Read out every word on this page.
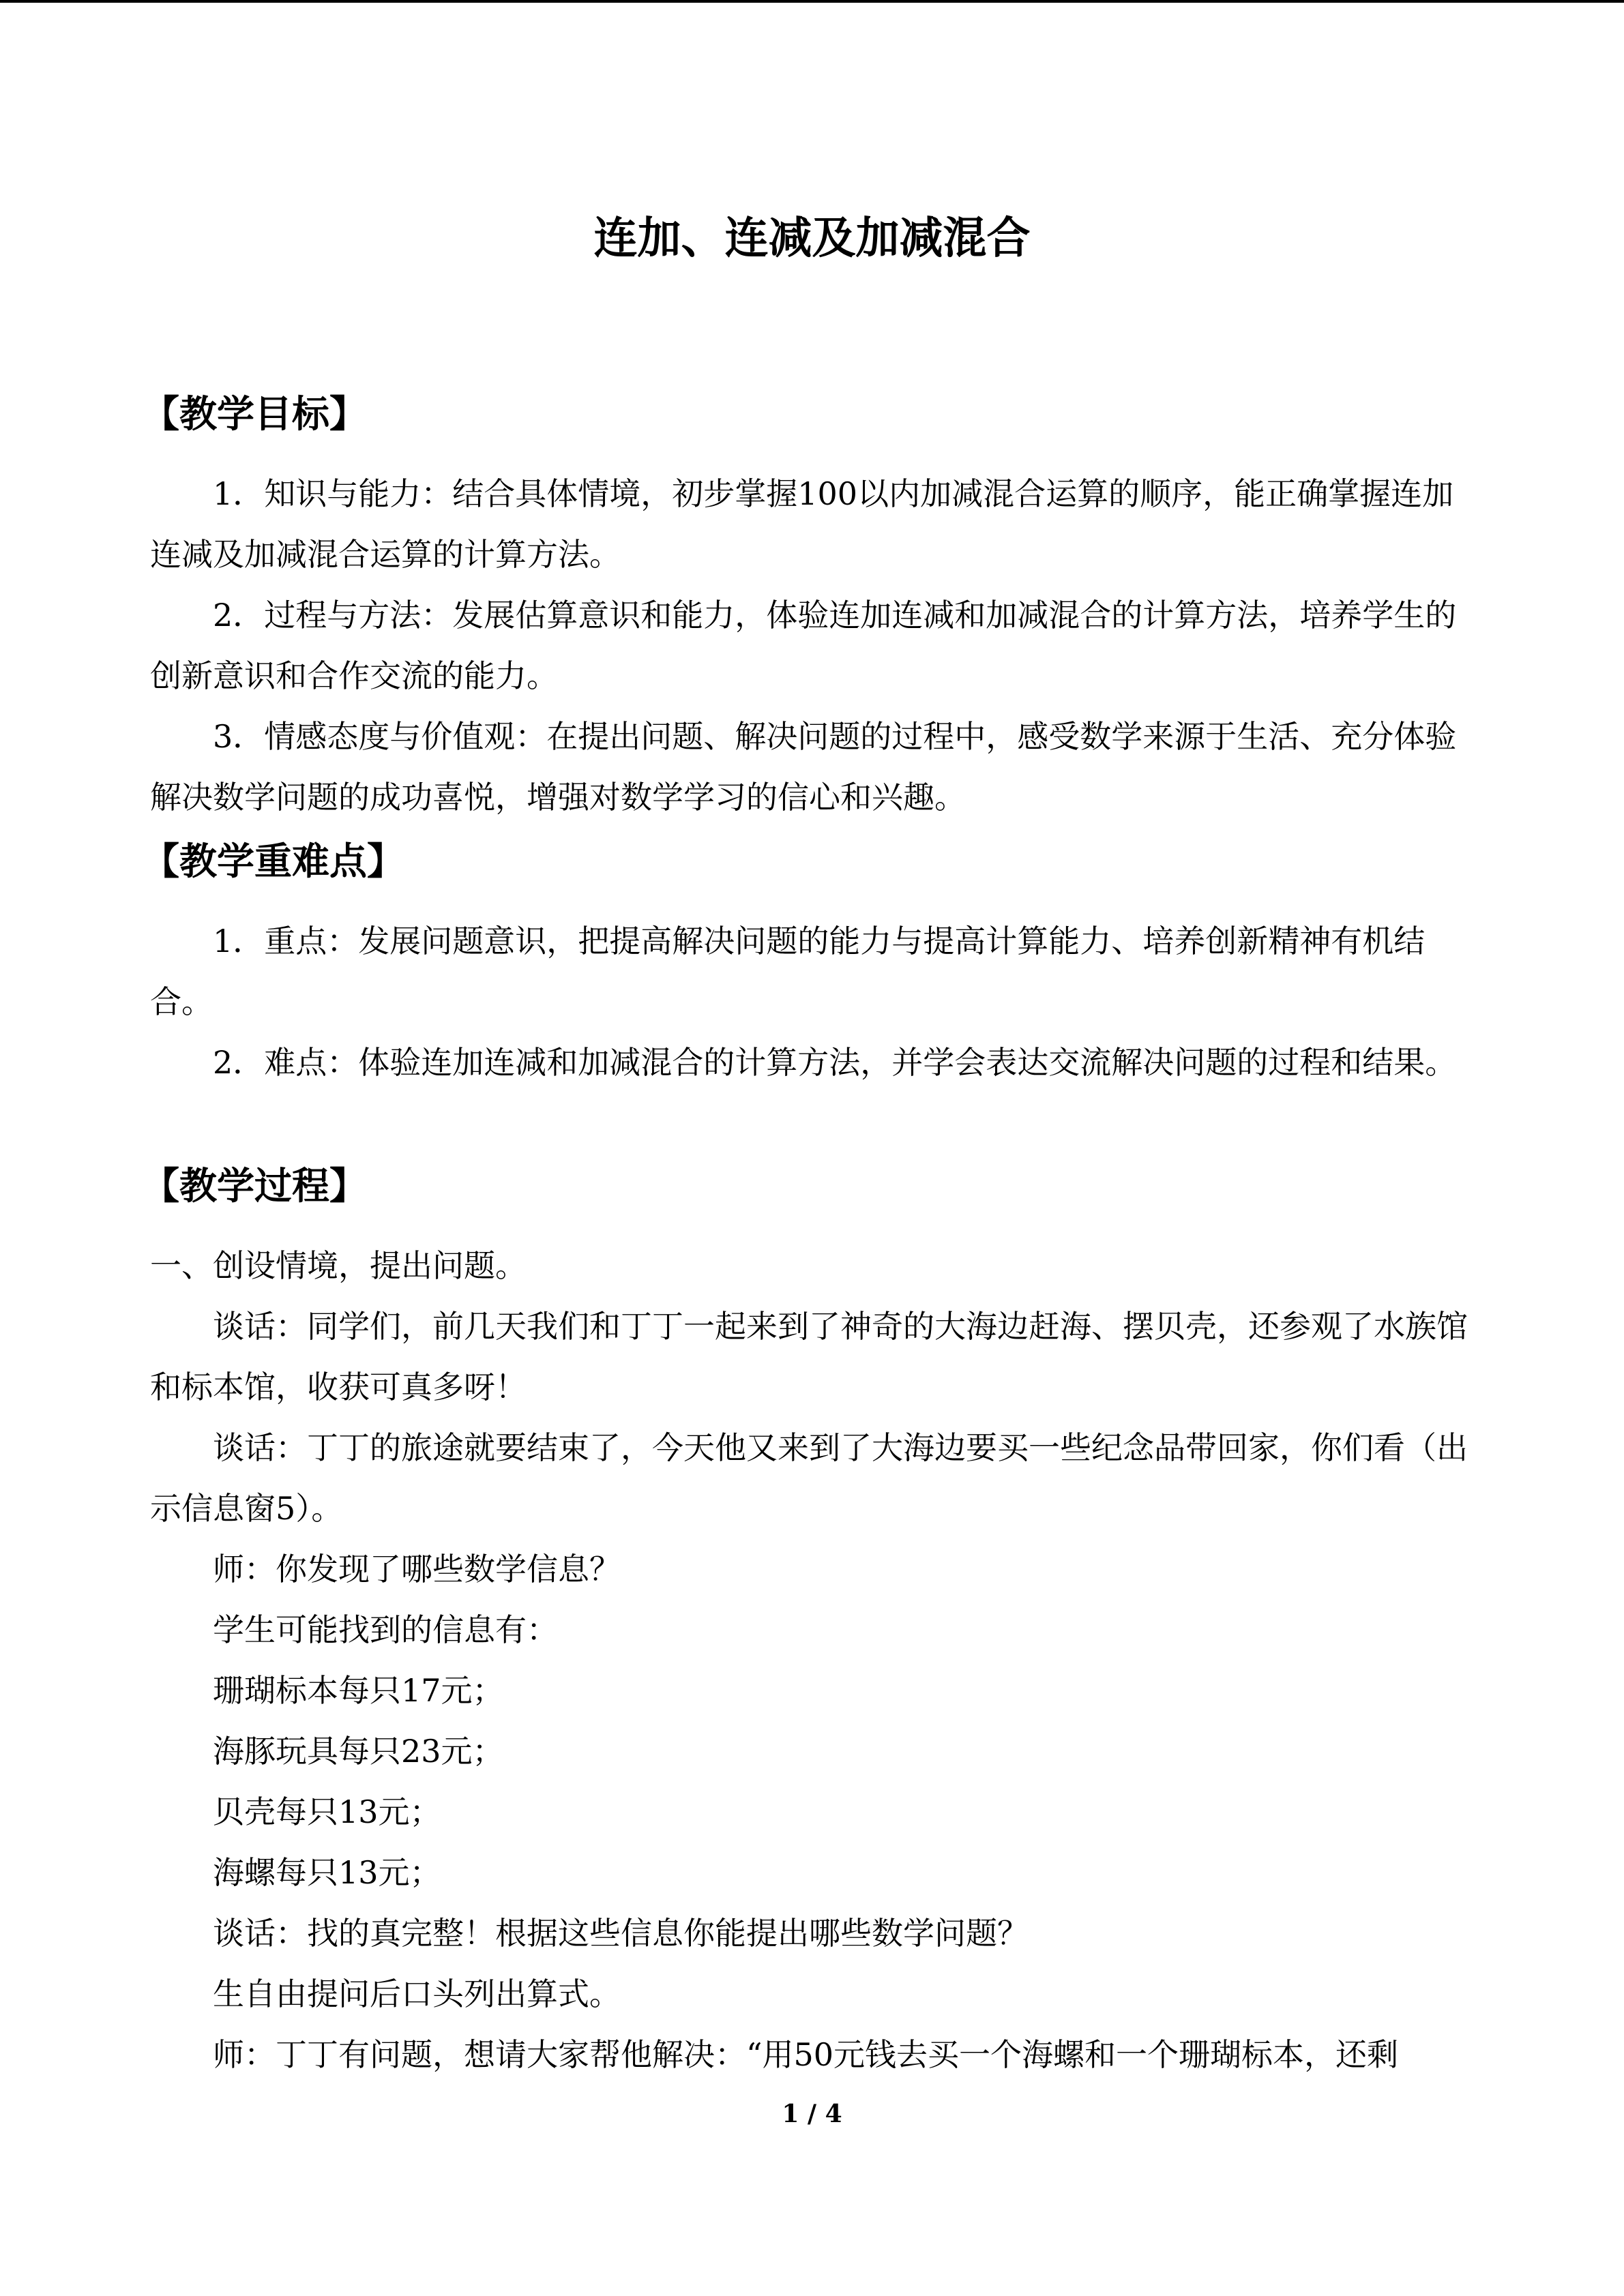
连加、连减及加减混合
【教学目标】
1．知识与能力：结合具体情境，初步掌握100以内加减混合运算的顺序，能正确掌握连加连减及加减混合运算的计算方法。
2．过程与方法：发展估算意识和能力，体验连加连减和加减混合的计算方法，培养学生的创新意识和合作交流的能力。
3．情感态度与价值观：在提出问题、解决问题的过程中，感受数学来源于生活、充分体验解决数学问题的成功喜悦，增强对数学学习的信心和兴趣。
【教学重难点】
1．重点：发展问题意识，把提高解决问题的能力与提高计算能力、培养创新精神有机结合。
2．难点：体验连加连减和加减混合的计算方法，并学会表达交流解决问题的过程和结果。
【教学过程】
一、创设情境，提出问题。
谈话：同学们，前几天我们和丁丁一起来到了神奇的大海边赶海、摆贝壳，还参观了水族馆和标本馆，收获可真多呀！
谈话：丁丁的旅途就要结束了，今天他又来到了大海边要买一些纪念品带回家，你们看（出示信息窗5）。
师：你发现了哪些数学信息？
学生可能找到的信息有：
珊瑚标本每只17元；
海豚玩具每只23元；
贝壳每只13元；
海螺每只13元；
谈话：找的真完整！根据这些信息你能提出哪些数学问题？
生自由提问后口头列出算式。
师：丁丁有问题，想请大家帮他解决：“用50元钱去买一个海螺和一个珊瑚标本，还剩
1 / 4
